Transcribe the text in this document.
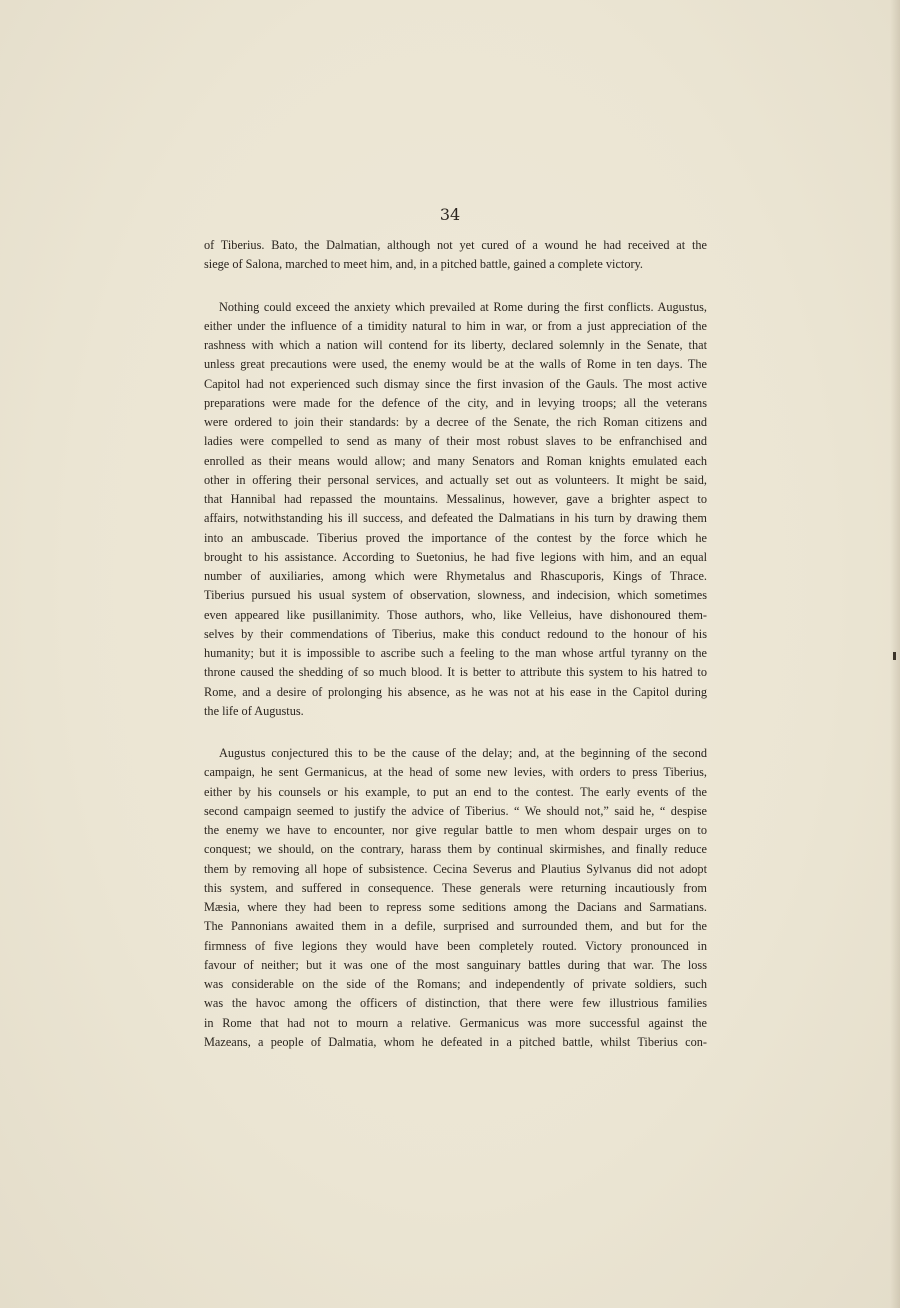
34

of Tiberius. Bato, the Dalmatian, although not yet cured of a wound he had received at the
siege of Salona, marched to meet him, and, in a pitched battle, gained a complete victory.

Nothing could exceed the anxiety which prevailed at Rome during the first conflicts. Augustus,
either under the influence of a timidity natural to him in war, or from a just appreciation of the
rashness with which a nation will contend for its liberty, declared solemnly in the Senate, that
unless great precautions were used, the enemy would be at the walls of Rome in ten days. The
Capitol had not experienced such dismay since the first invasion of the Gauls. The most active
preparations were made for the defence of the city, and in levying troops; all the veterans
were ordered to join their standards: by a decree of the Senate, the rich Roman citizens and
ladies were compelled to send as many of their most robust slaves to be enfranchised and
enrolled as their means would allow; and many Senators and Roman knights emulated each
other in offering their personal services, and actually set out as volunteers. It might be said,
that Hannibal had repassed the mountains. Messalinus, however, gave a brighter aspect to
affairs, notwithstanding his ill success, and defeated the Dalmatians in his turn by drawing them
into an ambuscade. Tiberius proved the importance of the contest by the force which he
brought to his assistance. According to Suetonius, he had five legions with him, and an equal
number of auxiliaries, among which were Rhymetalus and Rhascuporis, Kings of Thrace.
Tiberius pursued his usual system of observation, slowness, and indecision, which sometimes
even appeared like pusillanimity. Those authors, who, like Velleius, have dishonoured them-
selves by their commendations of Tiberius, make this conduct redound to the honour of his
humanity; but it is impossible to ascribe such a feeling to the man whose artful tyranny on the
throne caused the shedding of so much blood. It is better to attribute this system to his hatred to
Rome, and a desire of prolonging his absence, as he was not at his ease in the Capitol during
the life of Augustus.

Augustus conjectured this to be the cause of the delay; and, at the beginning of the second
campaign, he sent Germanicus, at the head of some new levies, with orders to press Tiberius,
either by his counsels or his example, to put an end to the contest. The early events of the
second campaign seemed to justify the advice of Tiberius. “ We should not,” said he, “ despise
the enemy we have to encounter, nor give regular battle to men whom despair urges on to
conquest; we should, on the contrary, harass them by continual skirmishes, and finally reduce
them by removing all hope of subsistence. Cecina Severus and Plautius Sylvanus did not adopt
this system, and suffered in consequence. These generals were returning incautiously from
Mæsia, where they had been to repress some seditions among the Dacians and Sarmatians.
The Pannonians awaited them in a defile, surprised and surrounded them, and but for the
firmness of five legions they would have been completely routed. Victory pronounced in
favour of neither; but it was one of the most sanguinary battles during that war. The loss
was considerable on the side of the Romans; and independently of private soldiers, such
was the havoc among the officers of distinction, that there were few illustrious families
in Rome that had not to mourn a relative. Germanicus was more successful against the
Mazeans, a people of Dalmatia, whom he defeated in a pitched battle, whilst Tiberius con-
